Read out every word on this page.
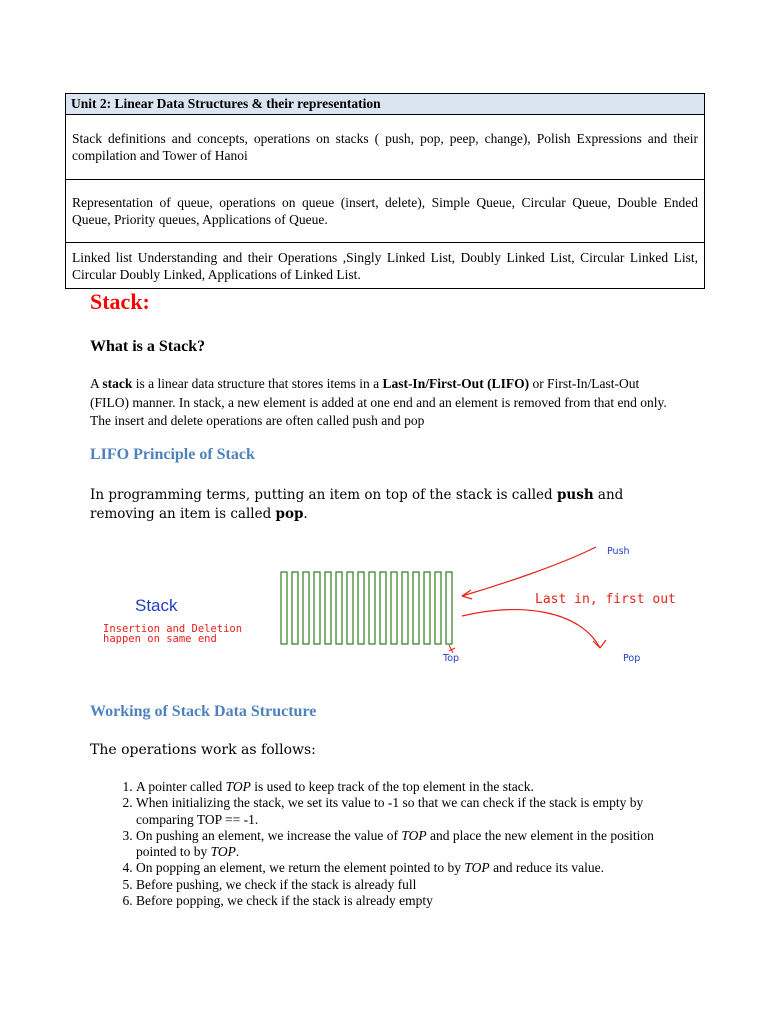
Unit 2: Linear Data Structures & their representation
Stack definitions and concepts, operations on stacks ( push, pop, peep, change), Polish Expressions and their compilation and Tower of Hanoi
Representation of queue, operations on queue (insert, delete), Simple Queue, Circular Queue, Double Ended Queue, Priority queues, Applications of Queue.
Linked list Understanding and their Operations ,Singly Linked List, Doubly Linked List, Circular Linked List, Circular Doubly Linked, Applications of Linked List.
Stack:
What is a Stack?

A stack is a linear data structure that stores items in a Last-In/First-Out (LIFO) or First-In/Last-Out (FILO) manner. In stack, a new element is added at one end and an element is removed from that end only. The insert and delete operations are often called push and pop

LIFO Principle of Stack

In programming terms, putting an item on top of the stack is called push and removing an item is called pop.

Stack
Insertion and Deletion
happen on same end
Push
Last in, first out
Top	Pop
Working of Stack Data Structure

The operations work as follows:

1. A pointer called TOP is used to keep track of the top element in the stack.
2. When initializing the stack, we set its value to -1 so that we can check if the stack is empty by comparing TOP == -1.
3. On pushing an element, we increase the value of TOP and place the new element in the position pointed to by TOP.
4. On popping an element, we return the element pointed to by TOP and reduce its value.
5. Before pushing, we check if the stack is already full
6. Before popping, we check if the stack is already empty
